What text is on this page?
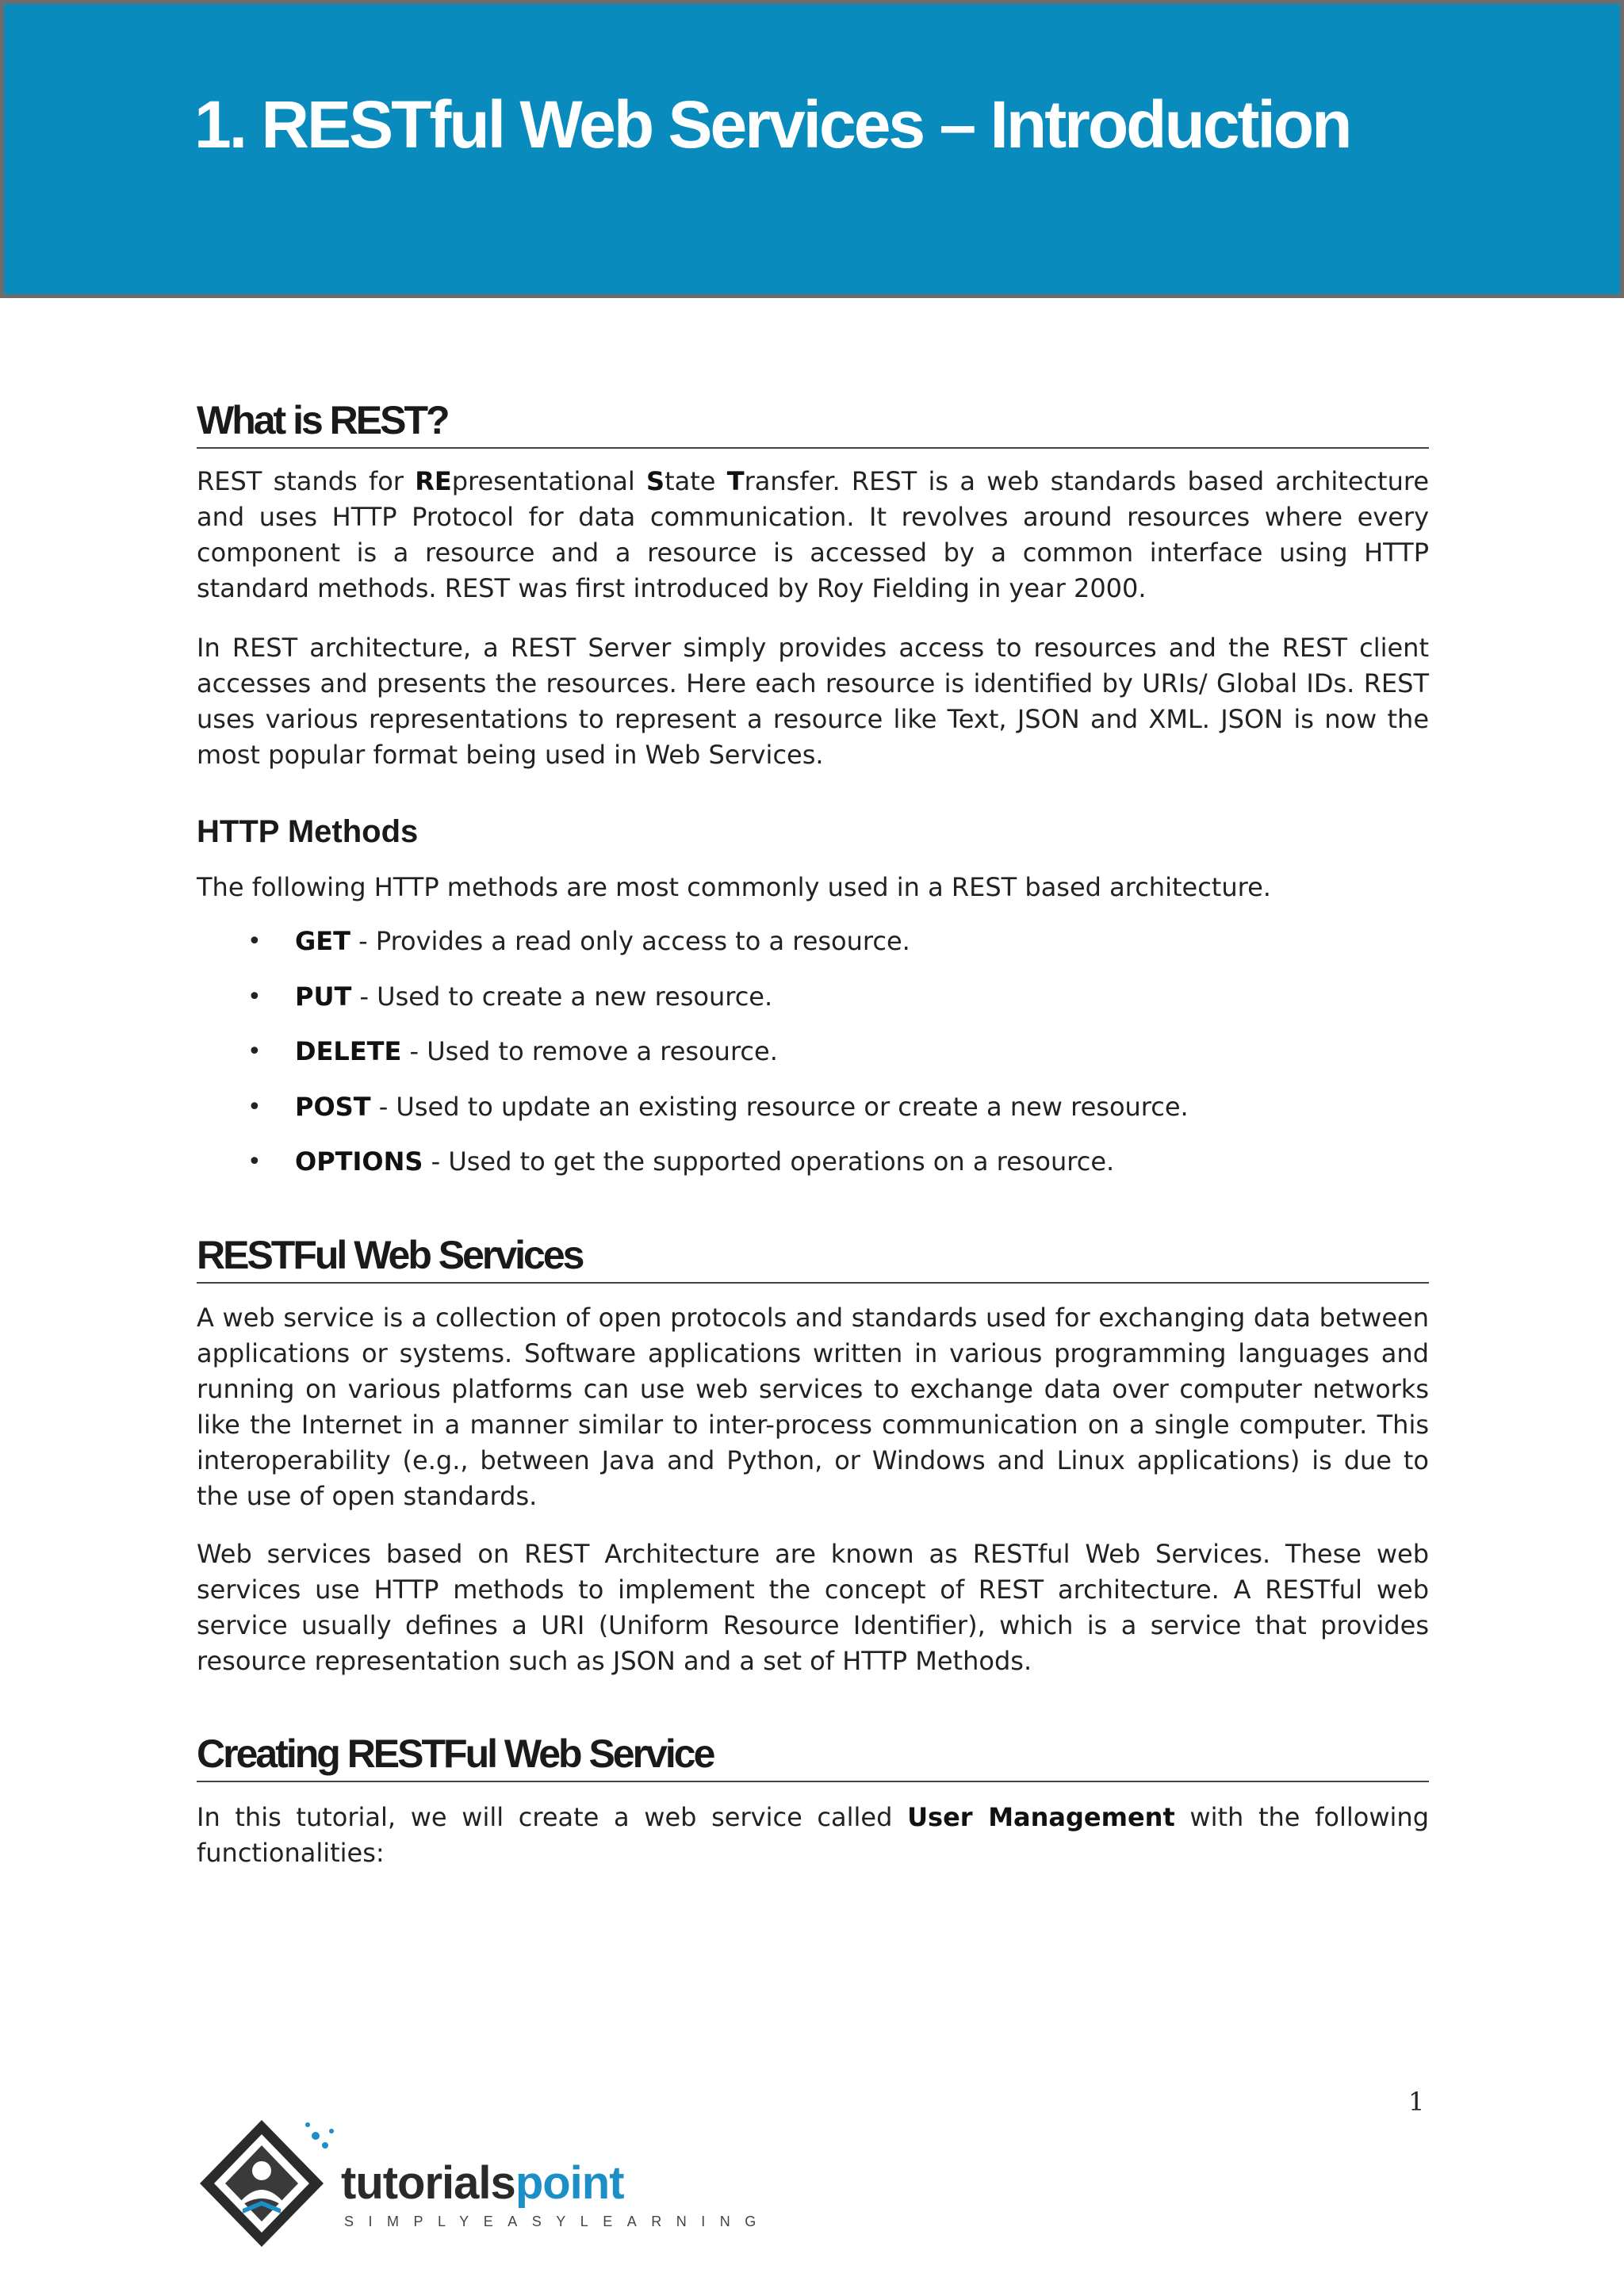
1. RESTful Web Services – Introduction
What is REST?

REST stands for REpresentational State Transfer. REST is a web standards based architecture and uses HTTP Protocol for data communication. It revolves around resources where every component is a resource and a resource is accessed by a common interface using HTTP standard methods. REST was first introduced by Roy Fielding in year 2000.

In REST architecture, a REST Server simply provides access to resources and the REST client accesses and presents the resources. Here each resource is identified by URIs/ Global IDs. REST uses various representations to represent a resource like Text, JSON and XML. JSON is now the most popular format being used in Web Services.

HTTP Methods

The following HTTP methods are most commonly used in a REST based architecture.

• GET - Provides a read only access to a resource.
• PUT - Used to create a new resource.
• DELETE - Used to remove a resource.
• POST - Used to update an existing resource or create a new resource.
• OPTIONS - Used to get the supported operations on a resource.
RESTFul Web Services

A web service is a collection of open protocols and standards used for exchanging data between applications or systems. Software applications written in various programming languages and running on various platforms can use web services to exchange data over computer networks like the Internet in a manner similar to inter-process communication on a single computer. This interoperability (e.g., between Java and Python, or Windows and Linux applications) is due to the use of open standards.

Web services based on REST Architecture are known as RESTful Web Services. These web services use HTTP methods to implement the concept of REST architecture. A RESTful web service usually defines a URI (Uniform Resource Identifier), which is a service that provides resource representation such as JSON and a set of HTTP Methods.

Creating RESTFul Web Service

In this tutorial, we will create a web service called User Management with the following functionalities:

1

tutorialspoint

SIMPLYEASYLEARNING
